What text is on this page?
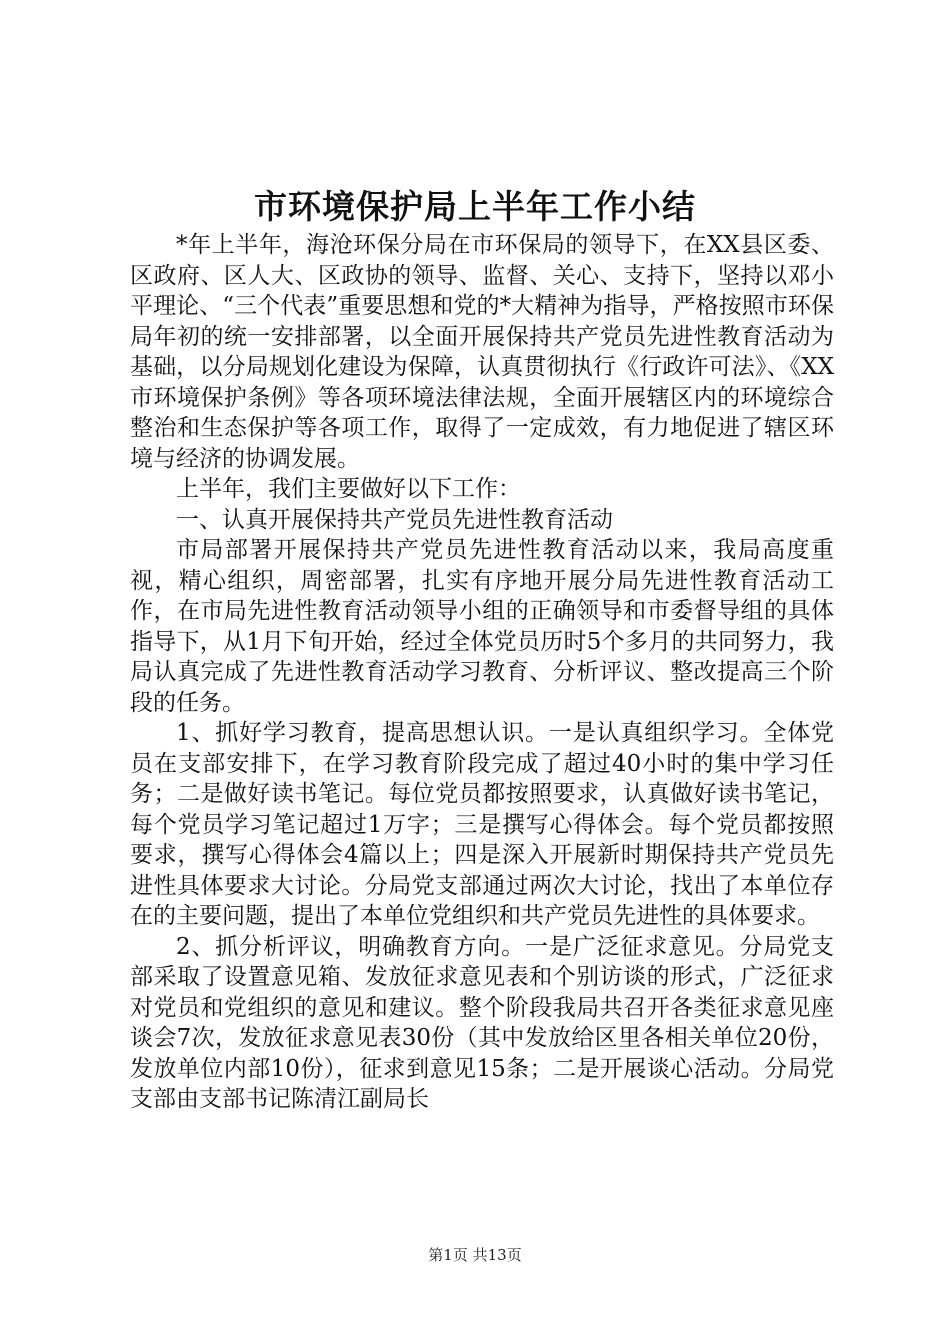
市环境保护局上半年工作小结

*年上半年，海沧环保分局在市环保局的领导下，在XX县区委、区政府、区人大、区政协的领导、监督、关心、支持下，坚持以邓小平理论、“三个代表”重要思想和党的*大精神为指导，严格按照市环保局年初的统一安排部署，以全面开展保持共产党员先进性教育活动为基础，以分局规划化建设为保障，认真贯彻执行《行政许可法》、《XX市环境保护条例》等各项环境法律法规，全面开展辖区内的环境综合整治和生态保护等各项工作，取得了一定成效，有力地促进了辖区环境与经济的协调发展。

上半年，我们主要做好以下工作：

一、认真开展保持共产党员先进性教育活动

市局部署开展保持共产党员先进性教育活动以来，我局高度重视，精心组织，周密部署，扎实有序地开展分局先进性教育活动工作，在市局先进性教育活动领导小组的正确领导和市委督导组的具体指导下，从1月下旬开始，经过全体党员历时5个多月的共同努力，我局认真完成了先进性教育活动学习教育、分析评议、整改提高三个阶段的任务。

1、抓好学习教育，提高思想认识。一是认真组织学习。全体党员在支部安排下，在学习教育阶段完成了超过40小时的集中学习任务；二是做好读书笔记。每位党员都按照要求，认真做好读书笔记，每个党员学习笔记超过1万字；三是撰写心得体会。每个党员都按照要求，撰写心得体会4篇以上；四是深入开展新时期保持共产党员先进性具体要求大讨论。分局党支部通过两次大讨论，找出了本单位存在的主要问题，提出了本单位党组织和共产党员先进性的具体要求。

2、抓分析评议，明确教育方向。一是广泛征求意见。分局党支部采取了设置意见箱、发放征求意见表和个别访谈的形式，广泛征求对党员和党组织的意见和建议。整个阶段我局共召开各类征求意见座谈会7次，发放征求意见表30份（其中发放给区里各相关单位20份，发放单位内部10份），征求到意见15条；二是开展谈心活动。分局党支部由支部书记陈清江副局长

第1页 共13页
